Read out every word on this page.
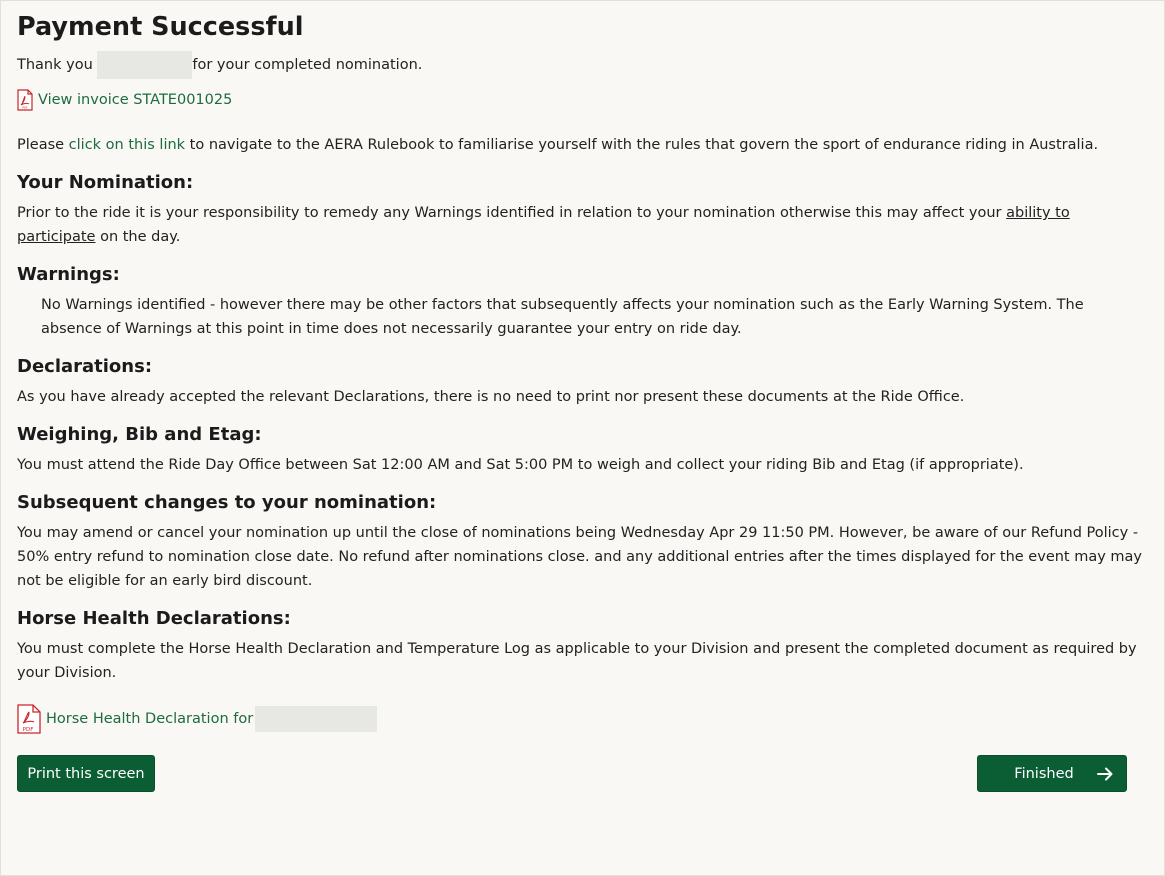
Payment Successful

Thank you	for your completed nomination.

PDF View invoice STATE001025

Please click on this link to navigate to the AERA Rulebook to familiarise yourself with the rules that govern the sport of endurance riding in Australia.

Your Nomination:

Prior to the ride it is your responsibility to remedy any Warnings identified in relation to your nomination otherwise this may affect your ability to participate on the day.

Warnings:

No Warnings identified - however there may be other factors that subsequently affects your nomination such as the Early Warning System. The absence of Warnings at this point in time does not necessarily guarantee your entry on ride day.

Declarations:

As you have already accepted the relevant Declarations, there is no need to print nor present these documents at the Ride Office.

Weighing, Bib and Etag:

You must attend the Ride Day Office between Sat 12:00 AM and Sat 5:00 PM to weigh and collect your riding Bib and Etag (if appropriate).

Subsequent changes to your nomination:

You may amend or cancel your nomination up until the close of nominations being Wednesday Apr 29 11:50 PM. However, be aware of our Refund Policy - 50% entry refund to nomination close date. No refund after nominations close. and any additional entries after the times displayed for the event may may not be eligible for an early bird discount.

Horse Health Declarations:

You must complete the Horse Health Declaration and Temperature Log as applicable to your Division and present the completed document as required by your Division.

PDF
Horse Health Declaration for
Print this screen	Finished
